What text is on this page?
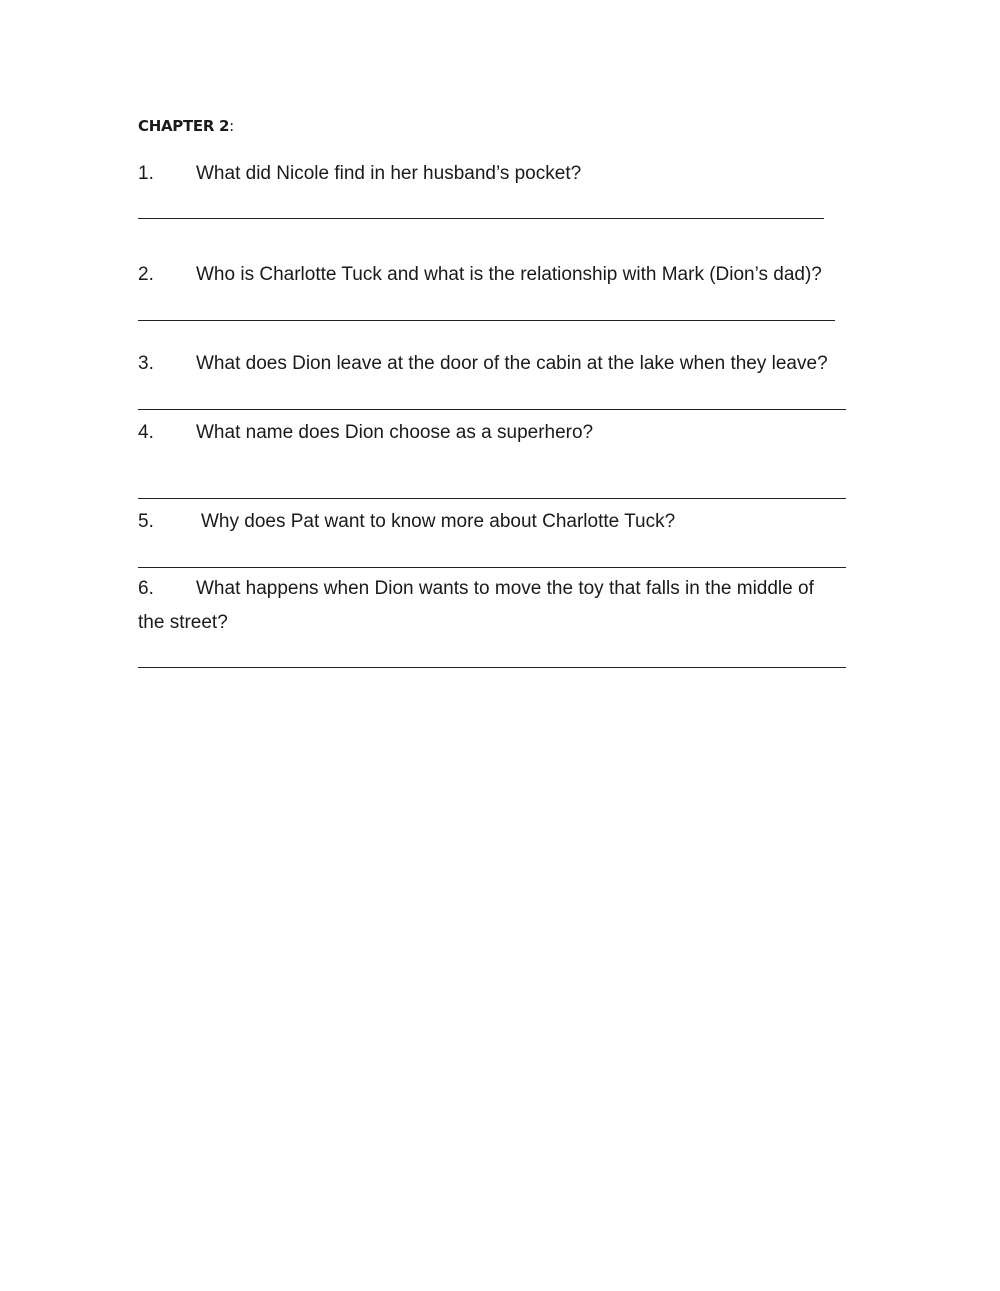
CHAPTER 2:
1. What did Nicole find in her husband’s pocket?
2. Who is Charlotte Tuck and what is the relationship with Mark (Dion’s dad)?
3. What does Dion leave at the door of the cabin at the lake when they leave?
4. What name does Dion choose as a superhero?
5. Why does Pat want to know more about Charlotte Tuck?
6. What happens when Dion wants to move the toy that falls in the middle of
the street?
